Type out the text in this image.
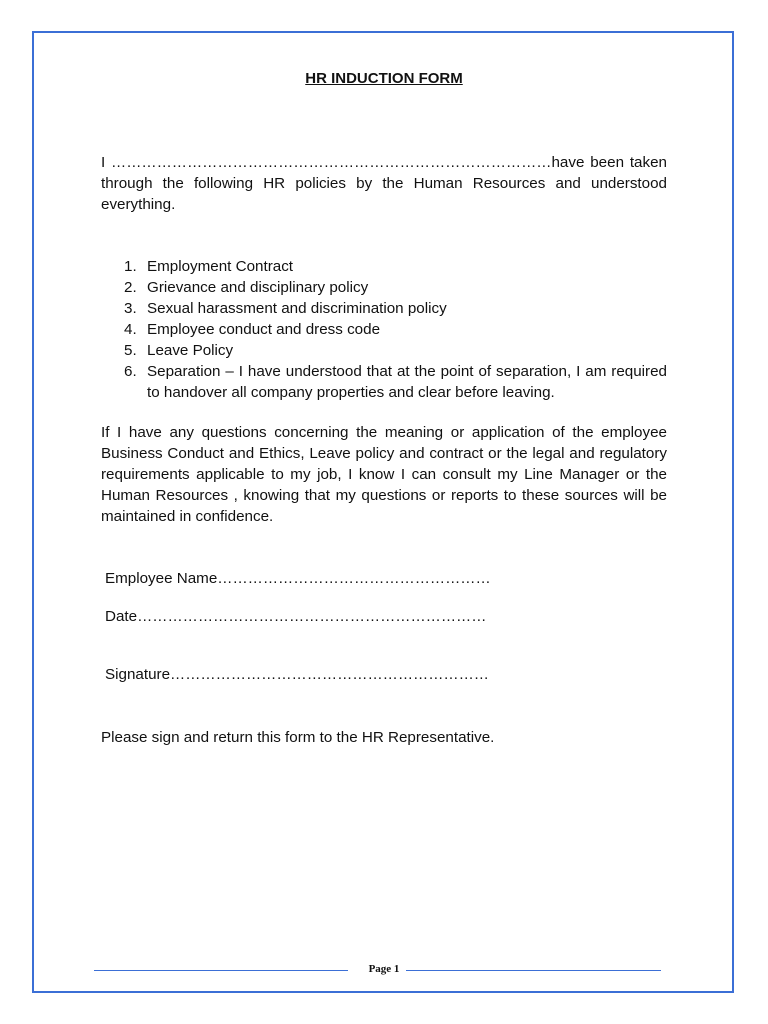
HR INDUCTION FORM
I ……………………………………………………………………………have been taken through the following HR policies by the Human Resources and understood everything.
1. Employment Contract
2. Grievance and disciplinary policy
3. Sexual harassment and discrimination policy
4. Employee conduct and dress code
5. Leave Policy
6. Separation – I have understood that at the point of separation, I am required to handover all company properties and clear before leaving.
If I have any questions concerning the meaning or application of the employee Business Conduct and Ethics, Leave policy and contract or the legal and regulatory requirements applicable to my job, I know I can consult my Line Manager or the Human Resources , knowing that my questions or reports to these sources will be maintained in confidence.
Employee Name………………………………………………
Date……………………………………………………………
Signature………………………………………………………
Please sign and return this form to the HR Representative.
Page 1
